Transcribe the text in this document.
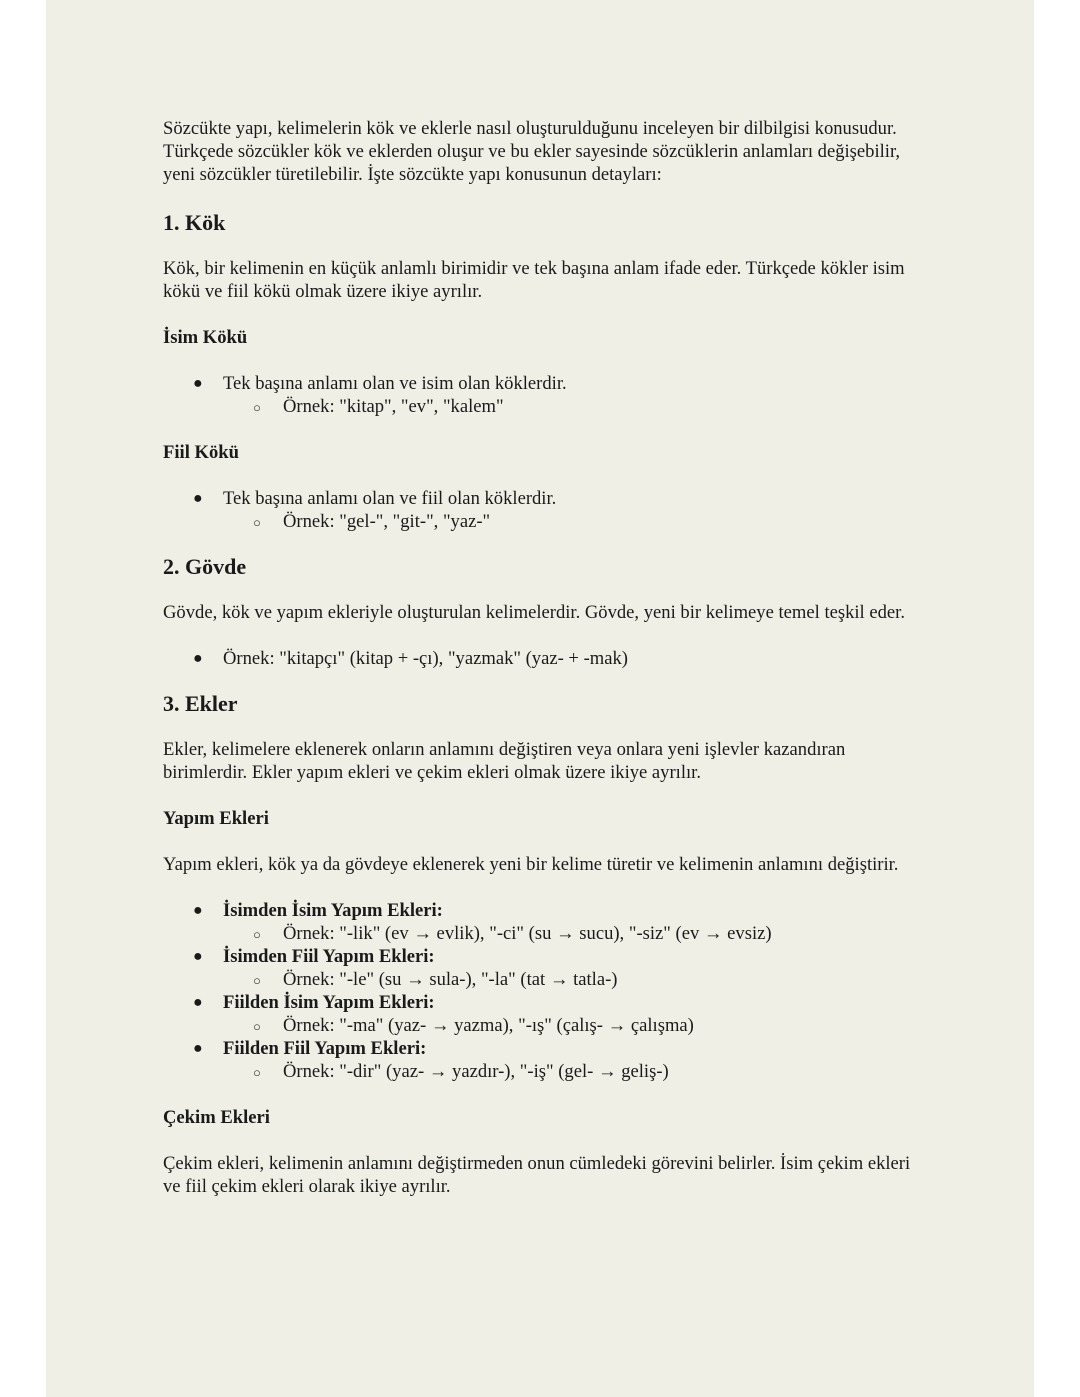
Sözcükte yapı, kelimelerin kök ve eklerle nasıl oluşturulduğunu inceleyen bir dilbilgisi konusudur. Türkçede sözcükler kök ve eklerden oluşur ve bu ekler sayesinde sözcüklerin anlamları değişebilir, yeni sözcükler türetilebilir. İşte sözcükte yapı konusunun detayları:

1. Kök

Kök, bir kelimenin en küçük anlamlı birimidir ve tek başına anlam ifade eder. Türkçede kökler isim kökü ve fiil kökü olmak üzere ikiye ayrılır.

İsim Kökü
● Tek başına anlamı olan ve isim olan köklerdir.
○ Örnek: "kitap", "ev", "kalem"
Fiil Kökü
● Tek başına anlamı olan ve fiil olan köklerdir.
○ Örnek: "gel-", "git-", "yaz-"
2. Gövde

Gövde, kök ve yapım ekleriyle oluşturulan kelimelerdir. Gövde, yeni bir kelimeye temel teşkil eder.

● Örnek: "kitapçı" (kitap + -çı), "yazmak" (yaz- + -mak)
3. Ekler

Ekler, kelimelere eklenerek onların anlamını değiştiren veya onlara yeni işlevler kazandıran birimlerdir. Ekler yapım ekleri ve çekim ekleri olmak üzere ikiye ayrılır.

Yapım Ekleri

Yapım ekleri, kök ya da gövdeye eklenerek yeni bir kelime türetir ve kelimenin anlamını değiştirir.

● İsimden İsim Yapım Ekleri:
○ Örnek: "-lik" (ev → evlik), "-ci" (su → sucu), "-siz" (ev → evsiz)
● İsimden Fiil Yapım Ekleri:
○ Örnek: "-le" (su → sula-), "-la" (tat → tatla-)
● Fiilden İsim Yapım Ekleri:
○ Örnek: "-ma" (yaz- → yazma), "-ış" (çalış- → çalışma)
● Fiilden Fiil Yapım Ekleri:
○ Örnek: "-dir" (yaz- → yazdır-), "-iş" (gel- → geliş-)
Çekim Ekleri

Çekim ekleri, kelimenin anlamını değiştirmeden onun cümledeki görevini belirler. İsim çekim ekleri ve fiil çekim ekleri olarak ikiye ayrılır.
